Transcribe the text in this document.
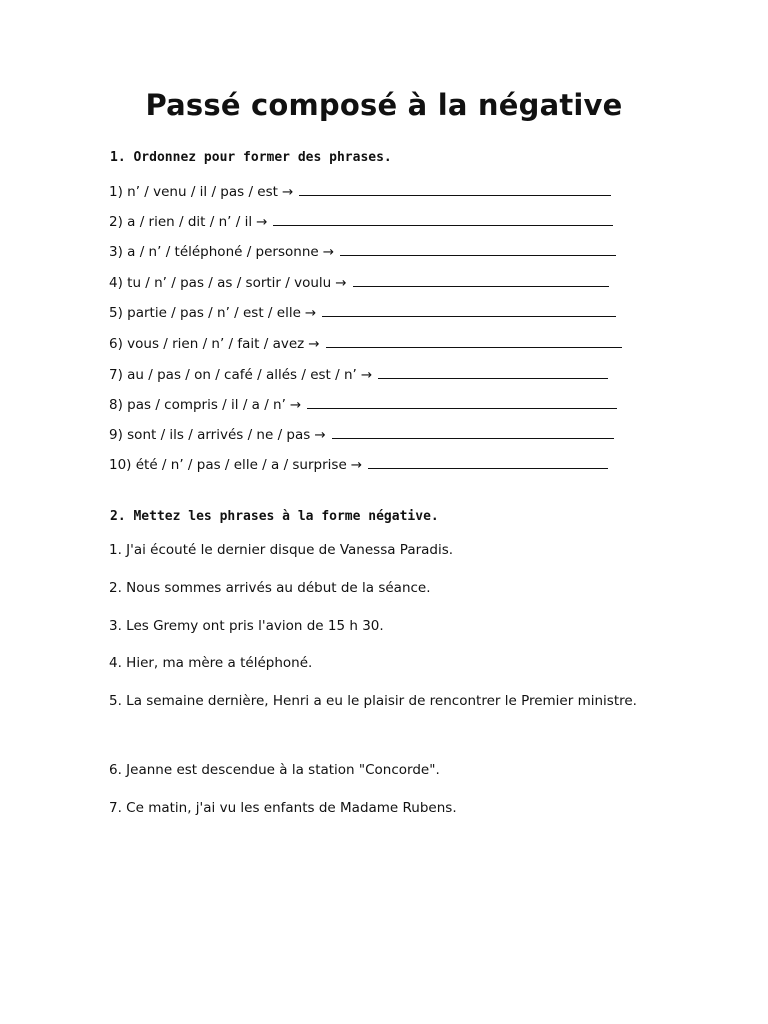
Passé composé à la négative
1. Ordonnez pour former des phrases.
1) n’ / venu / il / pas / est →
2) a / rien / dit / n’ / il →
3) a / n’ / téléphoné / personne →
4) tu / n’ / pas / as / sortir / voulu →
5) partie / pas / n’ / est / elle →
6) vous / rien / n’ / fait / avez →
7) au / pas / on / café / allés / est / n’ →
8) pas / compris / il / a / n’ →
9) sont / ils / arrivés / ne / pas →
10) été / n’ / pas / elle / a / surprise →
2. Mettez les phrases à la forme négative.
1. J'ai écouté le dernier disque de Vanessa Paradis.
2. Nous sommes arrivés au début de la séance.
3. Les Gremy ont pris l'avion de 15 h 30.
4. Hier, ma mère a téléphoné.
5. La semaine dernière, Henri a eu le plaisir de rencontrer le Premier ministre.
6. Jeanne est descendue à la station "Concorde".
7. Ce matin, j'ai vu les enfants de Madame Rubens.
